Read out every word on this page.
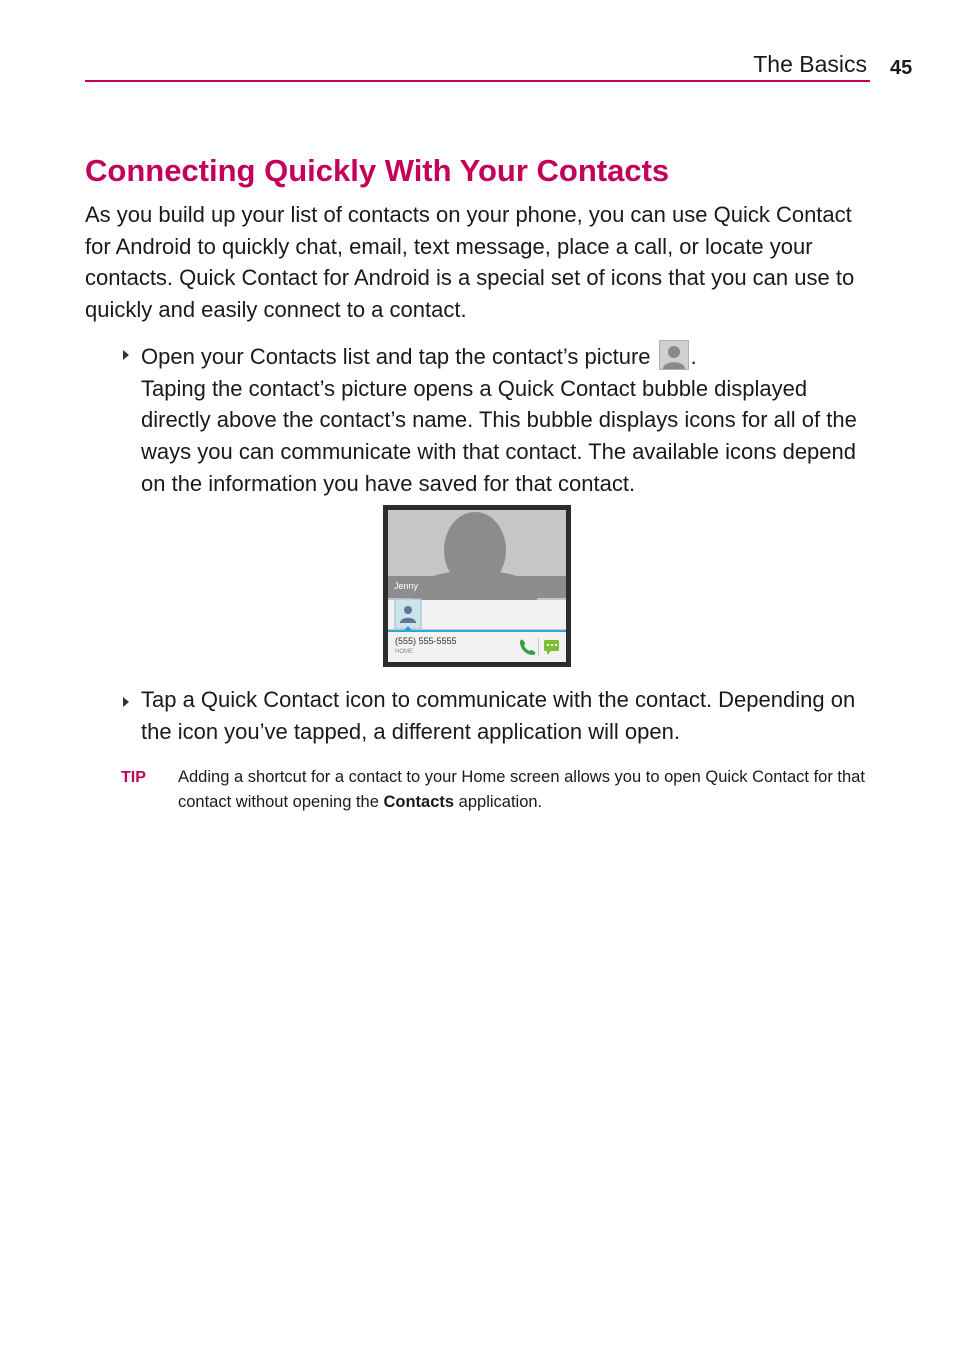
The Basics 45
Connecting Quickly With Your Contacts

As you build up your list of contacts on your phone, you can use Quick Contact for Android to quickly chat, email, text message, place a call, or locate your contacts. Quick Contact for Android is a special set of icons that you can use to quickly and easily connect to a contact.

Open your Contacts list and tap the contact’s picture .
Taping the contact’s picture opens a Quick Contact bubble displayed directly above the contact’s name. This bubble displays icons for all of the ways you can communicate with that contact. The available icons depend on the information you have saved for that contact.
Jenny
(555) 555-5555
HOME
Tap a Quick Contact icon to communicate with the contact. Depending on the icon you’ve tapped, a different application will open.
TIP Adding a shortcut for a contact to your Home screen allows you to open Quick Contact for that contact without opening the Contacts application.
